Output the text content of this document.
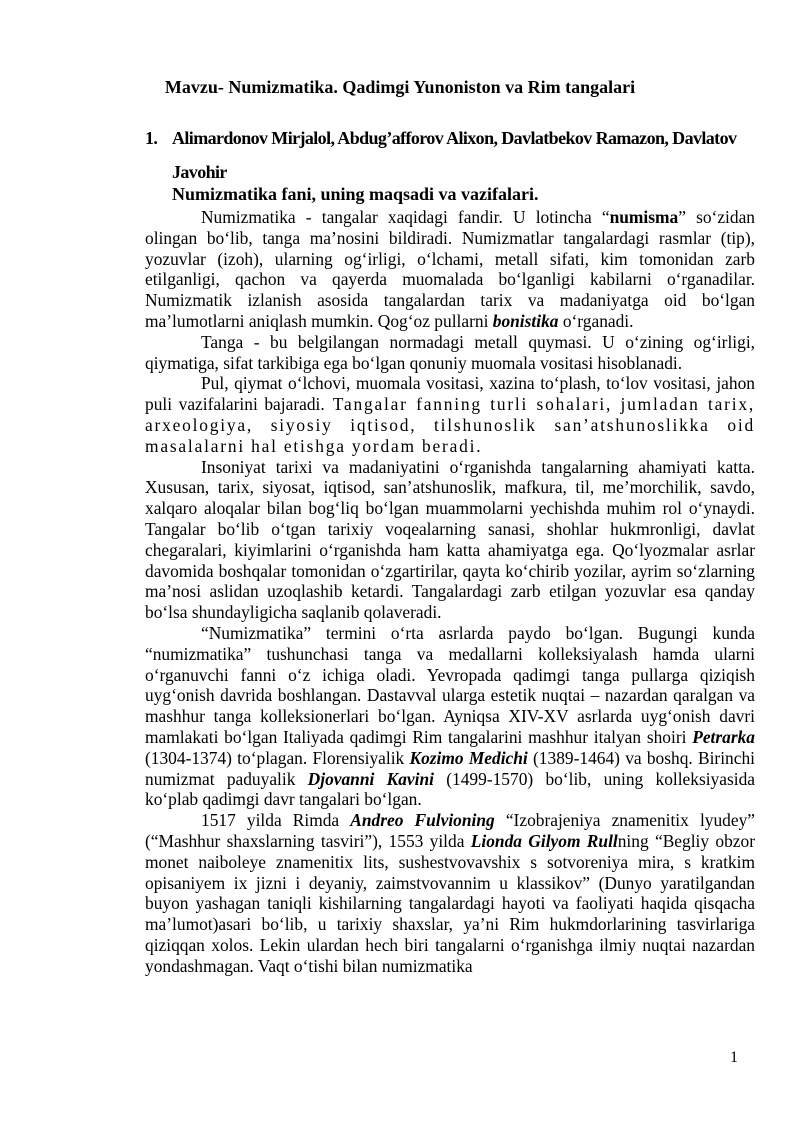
Mavzu- Numizmatika. Qadimgi Yunoniston va Rim tangalari
1. Alimardonov Mirjalol, Abdug’afforov Alixon, Davlatbekov Ramazon, Davlatov
Javohir
Numizmatika fani, uning maqsadi va vazifalari.

Numizmatika - tangalar xaqidagi fandir. U lotincha “numisma” so‘zidan olingan bo‘lib, tanga ma’nosini bildiradi. Numizmatlar tangalardagi rasmlar (tip), yozuvlar (izoh), ularning og‘irligi, o‘lchami, metall sifati, kim tomonidan zarb etilganligi, qachon va qayerda muomalada bo‘lganligi kabilarni o‘rganadilar. Numizmatik izlanish asosida tangalardan tarix va madaniyatga oid bo‘lgan ma’lumotlarni aniqlash mumkin. Qog‘oz pullarni bonistika o‘rganadi.

Tanga - bu belgilangan normadagi metall quymasi. U o‘zining og‘irligi, qiymatiga, sifat tarkibiga ega bo‘lgan qonuniy muomala vositasi hisoblanadi.

Pul, qiymat o‘lchovi, muomala vositasi, xazina to‘plash, to‘lov vositasi, jahon puli vazifalarini bajaradi. Tangalar fanning turli sohalari, jumladan tarix, arxeologiya, siyosiy iqtisod, tilshunoslik san’atshunoslikka oid masalalarni hal etishga yordam beradi.

Insoniyat tarixi va madaniyatini o‘rganishda tangalarning ahamiyati katta. Xususan, tarix, siyosat, iqtisod, san’atshunoslik, mafkura, til, me’morchilik, savdo, xalqaro aloqalar bilan bog‘liq bo‘lgan muammolarni yechishda muhim rol o‘ynaydi. Tangalar bo‘lib o‘tgan tarixiy voqealarning sanasi, shohlar hukmronligi, davlat chegaralari, kiyimlarini o‘rganishda ham katta ahamiyatga ega. Qo‘lyozmalar asrlar davomida boshqalar tomonidan o‘zgartirilar, qayta ko‘chirib yozilar, ayrim so‘zlarning ma’nosi aslidan uzoqlashib ketardi. Tangalardagi zarb etilgan yozuvlar esa qanday bo‘lsa shundayligicha saqlanib qolaveradi.

“Numizmatika” termini o‘rta asrlarda paydo bo‘lgan. Bugungi kunda “numizmatika” tushunchasi tanga va medallarni kolleksiyalash hamda ularni o‘rganuvchi fanni o‘z ichiga oladi. Yevropada qadimgi tanga pullarga qiziqish uyg‘onish davrida boshlangan. Dastavval ularga estetik nuqtai – nazardan qaralgan va mashhur tanga kolleksionerlari bo‘lgan. Ayniqsa XIV-XV asrlarda uyg‘onish davri mamlakati bo‘lgan Italiyada qadimgi Rim tangalarini mashhur italyan shoiri Petrarka (1304-1374) to‘plagan. Florensiyalik Kozimo Medichi (1389-1464) va boshq. Birinchi numizmat paduyalik Djovanni Kavini (1499-1570) bo‘lib, uning kolleksiyasida ko‘plab qadimgi davr tangalari bo‘lgan.

1517 yilda Rimda Andreo Fulvioning “Izobrajeniya znamenitix lyudey” (“Mashhur shaxslarning tasviri”), 1553 yilda Lionda Gilyom Rullning “Begliy obzor monet naiboleye znamenitix lits, sushestvovavshix s sotvoreniya mira, s kratkim opisaniyem ix jizni i deyaniy, zaimstvovannim u klassikov” (Dunyo yaratilgandan buyon yashagan taniqli kishilarning tangalardagi hayoti va faoliyati haqida qisqacha ma’lumot)asari bo‘lib, u tarixiy shaxslar, ya’ni Rim hukmdorlarining tasvirlariga qiziqqan xolos. Lekin ulardan hech biri tangalarni o‘rganishga ilmiy nuqtai nazardan yondashmagan. Vaqt o‘tishi bilan numizmatika

1
